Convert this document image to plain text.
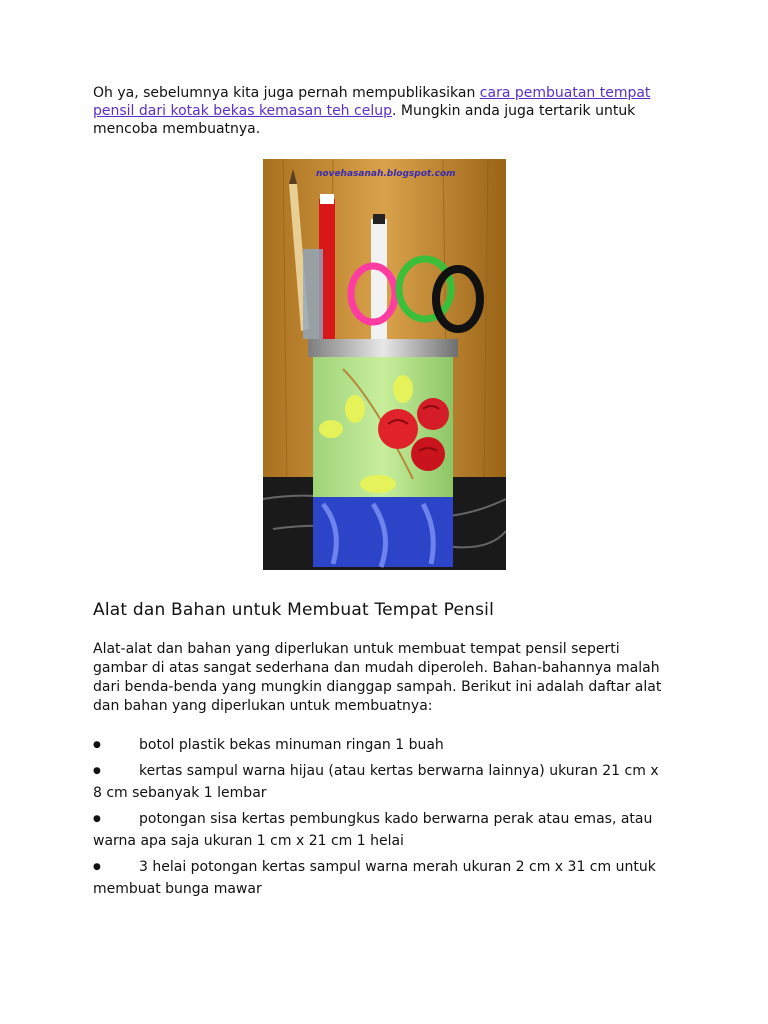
Oh ya, sebelumnya kita juga pernah mempublikasikan cara pembuatan tempat pensil dari kotak bekas kemasan teh celup. Mungkin anda juga tertarik untuk mencoba membuatnya.

novehasanah.blogspot.com
Alat dan Bahan untuk Membuat Tempat Pensil

Alat-alat dan bahan yang diperlukan untuk membuat tempat pensil seperti gambar di atas sangat sederhana dan mudah diperoleh. Bahan-bahannya malah dari benda-benda yang mungkin dianggap sampah. Berikut ini adalah daftar alat dan bahan yang diperlukan untuk membuatnya:

●	botol plastik bekas minuman ringan 1 buah
●	kertas sampul warna hijau (atau kertas berwarna lainnya) ukuran 21 cm x 8 cm sebanyak 1 lembar
●	potongan sisa kertas pembungkus kado berwarna perak atau emas, atau warna apa saja ukuran 1 cm x 21 cm 1 helai
●	3 helai potongan kertas sampul warna merah ukuran 2 cm x 31 cm untuk membuat bunga mawar
